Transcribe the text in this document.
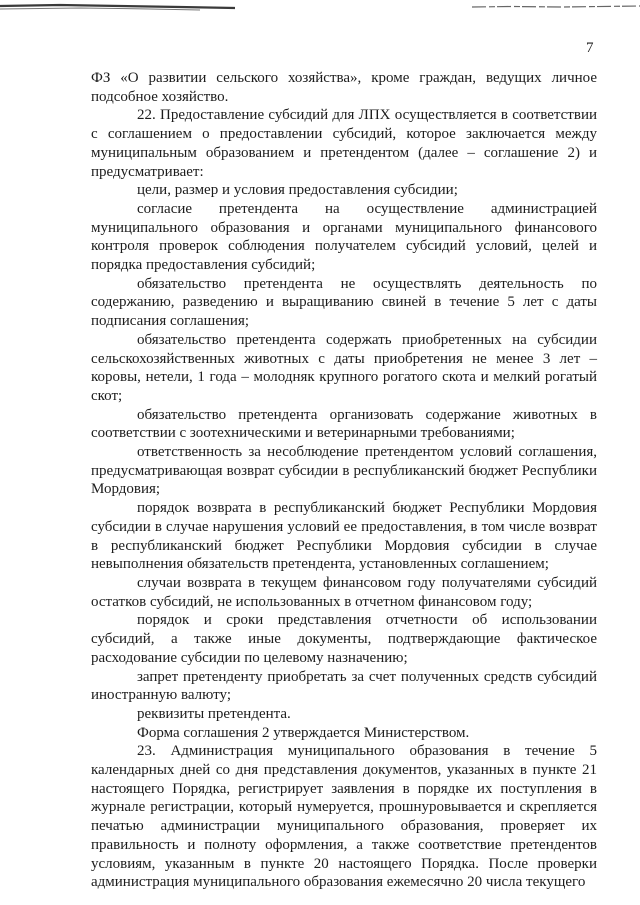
7

ФЗ «О развитии сельского хозяйства», кроме граждан, ведущих личное подсобное хозяйство.

22. Предоставление субсидий для ЛПХ осуществляется в соответствии с соглашением о предоставлении субсидий, которое заключается между муниципальным образованием и претендентом (далее – соглашение 2) и предусматривает:

цели, размер и условия предоставления субсидии;

согласие претендента на осуществление администрацией муниципального образования и органами муниципального финансового контроля проверок соблюдения получателем субсидий условий, целей и порядка предоставления субсидий;

обязательство претендента не осуществлять деятельность по содержанию, разведению и выращиванию свиней в течение 5 лет с даты подписания соглашения;

обязательство претендента содержать приобретенных на субсидии сельскохозяйственных животных с даты приобретения не менее 3 лет – коровы, нетели, 1 года – молодняк крупного рогатого скота и мелкий рогатый скот;

обязательство претендента организовать содержание животных в соответствии с зоотехническими и ветеринарными требованиями;

ответственность за несоблюдение претендентом условий соглашения, предусматривающая возврат субсидии в республиканский бюджет Республики Мордовия;

порядок возврата в республиканский бюджет Республики Мордовия субсидии в случае нарушения условий ее предоставления, в том числе возврат в республиканский бюджет Республики Мордовия субсидии в случае невыполнения обязательств претендента, установленных соглашением;

случаи возврата в текущем финансовом году получателями субсидий остатков субсидий, не использованных в отчетном финансовом году;

порядок и сроки представления отчетности об использовании субсидий, а также иные документы, подтверждающие фактическое расходование субсидии по целевому назначению;

запрет претенденту приобретать за счет полученных средств субсидий иностранную валюту;

реквизиты претендента.

Форма соглашения 2 утверждается Министерством.

23. Администрация муниципального образования в течение 5 календарных дней со дня представления документов, указанных в пункте 21 настоящего Порядка, регистрирует заявления в порядке их поступления в журнале регистрации, который нумеруется, прошнуровывается и скрепляется печатью администрации муниципального образования, проверяет их правильность и полноту оформления, а также соответствие претендентов условиям, указанным в пункте 20 настоящего Порядка. После проверки администрация муниципального образования ежемесячно 20 числа текущего
